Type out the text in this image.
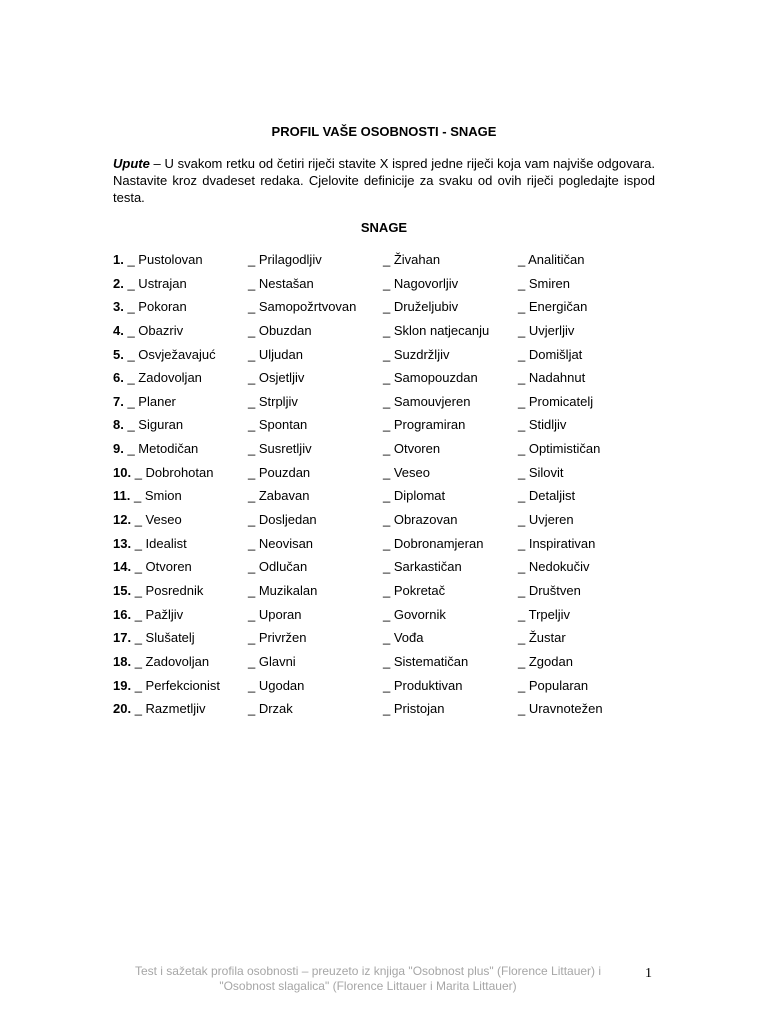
PROFIL VAŠE OSOBNOSTI - SNAGE
Upute – U svakom retku od četiri riječi stavite X ispred jedne riječi koja vam najviše odgovara. Nastavite kroz dvadeset redaka. Cjelovite definicije za svaku od ovih riječi pogledajte ispod testa.
SNAGE
1. _ Pustolovan	_ Prilagodljiv	_ Živahan	_ Analitičan
2. _ Ustrajan	_ Nestašan	_ Nagovorljiv	_ Smiren
3. _ Pokoran	_ Samopožrtvovan _ Druželjubiv	_ Energičan
4. _ Obazriv	_ Obuzdan	_ Sklon natjecanju _ Uvjerljiv
5. _ Osvježavajuć _ Uljudan	_ Suzdržljiv	_ Domišljat
6. _ Zadovoljan	_ Osjetljiv	_ Samopouzdan	_ Nadahnut
7. _ Planer	_ Strpljiv	_ Samouvjeren	_ Promicatelj
8. _ Siguran	_ Spontan	_ Programiran	_ Stidljiv
9. _ Metodičan	_ Susretljiv	_ Otvoren	_ Optimističan
10. _ Dobrohotan	_ Pouzdan	_ Veseo	_ Silovit
11. _ Smion	_ Zabavan	_ Diplomat	_ Detaljist
12. _ Veseo	_ Dosljedan	_ Obrazovan	_ Uvjeren
13. _ Idealist	_ Neovisan	_ Dobronamjeran	_ Inspirativan
14. _ Otvoren	_ Odlučan	_ Sarkastičan	_ Nedokučiv
15. _ Posrednik	_ Muzikalan	_ Pokretač	_ Društven
16. _ Pažljiv	_ Uporan	_ Govornik	_ Trpeljiv
17. _ Slušatelj	_ Privržen	_ Vođa	_ Žustar
18. _ Zadovoljan	_ Glavni	_ Sistematičan	_ Zgodan
19. _ Perfekcionist _ Ugodan	_ Produktivan	_ Popularan
20. _ Razmetljiv	_ Drzak	_ Pristojan	_ Uravnotežen
Test i sažetak profila osobnosti – preuzeto iz knjiga "Osobnost plus" (Florence Littauer) i
"Osobnost slagalica" (Florence Littauer i Marita Littauer)
1
